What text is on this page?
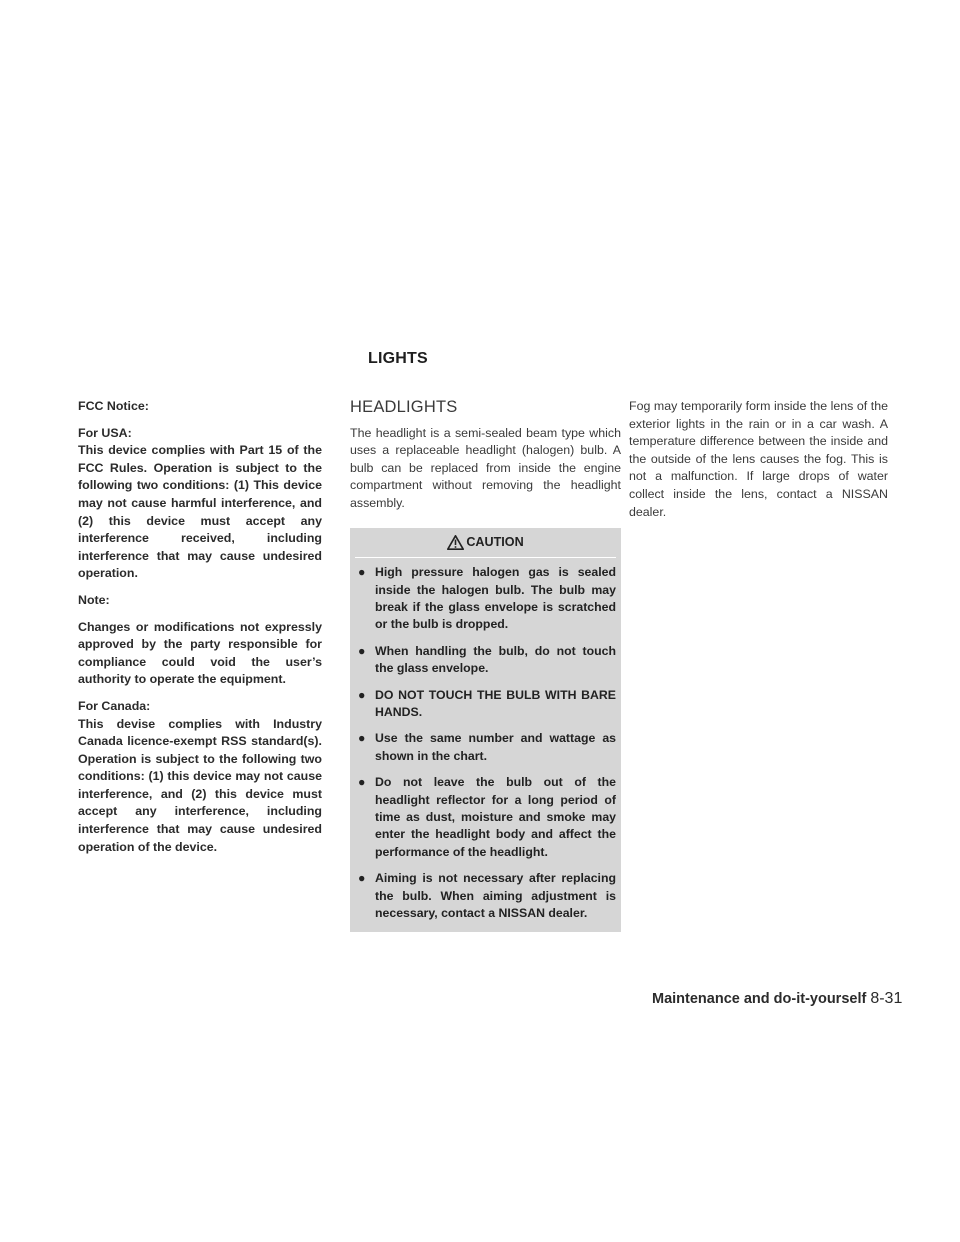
LIGHTS
FCC Notice:
For USA:
This device complies with Part 15 of the FCC Rules. Operation is subject to the following two conditions: (1) This device may not cause harmful interference, and (2) this device must accept any interference received, including interference that may cause undesired operation.
Note:
Changes or modifications not expressly approved by the party responsible for compliance could void the user’s authority to operate the equipment.
For Canada:
This devise complies with Industry Canada licence-exempt RSS standard(s). Operation is subject to the following two conditions: (1) this device may not cause interference, and (2) this device must accept any interference, including interference that may cause undesired operation of the device.
HEADLIGHTS

The headlight is a semi-sealed beam type which uses a replaceable headlight (halogen) bulb. A bulb can be replaced from inside the engine compartment without removing the headlight assembly.

CAUTION
● High pressure halogen gas is sealed inside the halogen bulb. The bulb may break if the glass envelope is scratched or the bulb is dropped.
● When handling the bulb, do not touch the glass envelope.
● DO NOT TOUCH THE BULB WITH BARE HANDS.
● Use the same number and wattage as shown in the chart.
● Do not leave the bulb out of the headlight reflector for a long period of time as dust, moisture and smoke may enter the headlight body and affect the performance of the headlight.
● Aiming is not necessary after replacing the bulb. When aiming adjustment is necessary, contact a NISSAN dealer.

Fog may temporarily form inside the lens of the exterior lights in the rain or in a car wash. A temperature difference between the inside and the outside of the lens causes the fog. This is not a malfunction. If large drops of water collect inside the lens, contact a NISSAN dealer.

Maintenance and do-it-yourself 8-31
